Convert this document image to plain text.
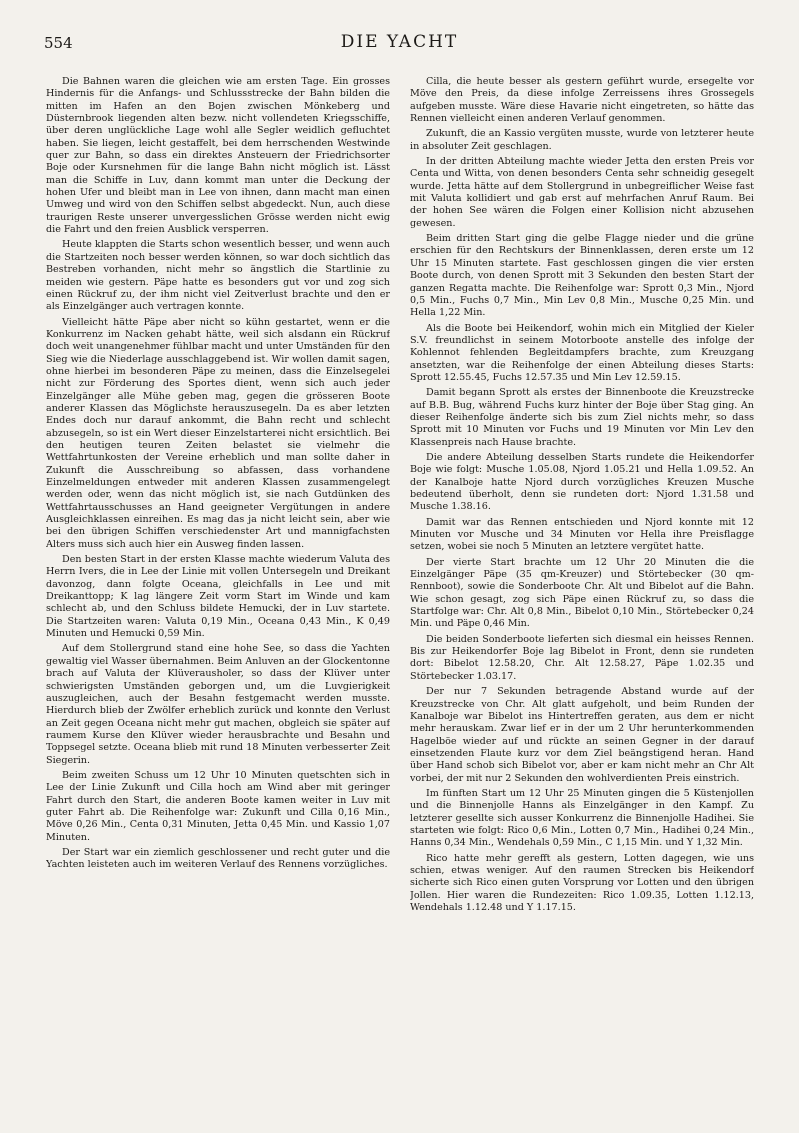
554	DIE YACHT

Die Bahnen waren die gleichen wie am ersten Tage. Ein grosses Hindernis für die Anfangs- und Schlussstrecke der Bahn bilden die mitten im Hafen an den Bojen zwischen Mönkeberg und Düsternbrook liegenden alten bezw. nicht vollendeten Kriegsschiffe, über deren unglückliche Lage wohl alle Segler weidlich gefluchtet haben. Sie liegen, leicht gestaffelt, bei dem herrschenden Westwinde quer zur Bahn, so dass ein direktes Ansteuern der Friedrichsorter Boje oder Kursnehmen für die lange Bahn nicht möglich ist. Lässt man die Schiffe in Luv, dann kommt man unter die Deckung der hohen Ufer und bleibt man in Lee von ihnen, dann macht man einen Umweg und wird von den Schiffen selbst abgedeckt. Nun, auch diese traurigen Reste unserer unvergesslichen Grösse werden nicht ewig die Fahrt und den freien Ausblick versperren.

Heute klappten die Starts schon wesentlich besser, und wenn auch die Startzeiten noch besser werden können, so war doch sichtlich das Bestreben vorhanden, nicht mehr so ängstlich die Startlinie zu meiden wie gestern. Päpe hatte es besonders gut vor und zog sich einen Rückruf zu, der ihm nicht viel Zeitverlust brachte und den er als Einzelgänger auch vertragen konnte.

Vielleicht hätte Päpe aber nicht so kühn gestartet, wenn er die Konkurrenz im Nacken gehabt hätte, weil sich alsdann ein Rückruf doch weit unangenehmer fühlbar macht und unter Umständen für den Sieg wie die Niederlage ausschlaggebend ist. Wir wollen damit sagen, ohne hierbei im besonderen Päpe zu meinen, dass die Einzelsegelei nicht zur Förderung des Sportes dient, wenn sich auch jeder Einzelgänger alle Mühe geben mag, gegen die grösseren Boote anderer Klassen das Möglichste herauszusegeln. Da es aber letzten Endes doch nur darauf ankommt, die Bahn recht und schlecht abzusegeln, so ist ein Wert dieser Einzelstarterei nicht ersichtlich. Bei den heutigen teuren Zeiten belastet sie vielmehr die Wettfahrtunkosten der Vereine erheblich und man sollte daher in Zukunft die Ausschreibung so abfassen, dass vorhandene Einzelmeldungen entweder mit anderen Klassen zusammengelegt werden oder, wenn das nicht möglich ist, sie nach Gutdünken des Wettfahrtausschusses an Hand geeigneter Vergütungen in andere Ausgleichklassen einreihen. Es mag das ja nicht leicht sein, aber wie bei den übrigen Schiffen verschiedenster Art und mannigfachsten Alters muss sich auch hier ein Ausweg finden lassen.

Den besten Start in der ersten Klasse machte wiederum Valuta des Herrn Ivers, die in Lee der Linie mit vollen Untersegeln und Dreikant davonzog, dann folgte Oceana, gleichfalls in Lee und mit Dreikanttopp; K lag längere Zeit vorm Start im Winde und kam schlecht ab, und den Schluss bildete Hemucki, der in Luv startete. Die Startzeiten waren: Valuta 0,19 Min., Oceana 0,43 Min., K 0,49 Minuten und Hemucki 0,59 Min.

Auf dem Stollergrund stand eine hohe See, so dass die Yachten gewaltig viel Wasser übernahmen. Beim Anluven an der Glockentonne brach auf Valuta der Klüverausholer, so dass der Klüver unter schwierigsten Umständen geborgen und, um die Luvgierigkeit auszugleichen, auch der Besahn festgemacht werden musste. Hierdurch blieb der Zwölfer erheblich zurück und konnte den Verlust an Zeit gegen Oceana nicht mehr gut machen, obgleich sie später auf raumem Kurse den Klüver wieder herausbrachte und Besahn und Toppsegel setzte. Oceana blieb mit rund 18 Minuten verbesserter Zeit Siegerin.

Beim zweiten Schuss um 12 Uhr 10 Minuten quetschten sich in Lee der Linie Zukunft und Cilla hoch am Wind aber mit geringer Fahrt durch den Start, die anderen Boote kamen weiter in Luv mit guter Fahrt ab. Die Reihenfolge war: Zukunft und Cilla 0,16 Min., Möve 0,26 Min., Centa 0,31 Minuten, Jetta 0,45 Min. und Kassio 1,07 Minuten.

Der Start war ein ziemlich geschlossener und recht guter und die Yachten leisteten auch im weiteren Verlauf des Rennens vorzügliches.

Cilla, die heute besser als gestern geführt wurde, ersegelte vor Möve den Preis, da diese infolge Zerreissens ihres Grossegels aufgeben musste. Wäre diese Havarie nicht eingetreten, so hätte das Rennen vielleicht einen anderen Verlauf genommen.

Zukunft, die an Kassio vergüten musste, wurde von letzterer heute in absoluter Zeit geschlagen.

In der dritten Abteilung machte wieder Jetta den ersten Preis vor Centa und Witta, von denen besonders Centa sehr schneidig gesegelt wurde. Jetta hätte auf dem Stollergrund in unbegreiflicher Weise fast mit Valuta kollidiert und gab erst auf mehrfachen Anruf Raum. Bei der hohen See wären die Folgen einer Kollision nicht abzusehen gewesen.

Beim dritten Start ging die gelbe Flagge nieder und die grüne erschien für den Rechtskurs der Binnenklassen, deren erste um 12 Uhr 15 Minuten startete. Fast geschlossen gingen die vier ersten Boote durch, von denen Sprott mit 3 Sekunden den besten Start der ganzen Regatta machte. Die Reihenfolge war: Sprott 0,3 Min., Njord 0,5 Min., Fuchs 0,7 Min., Min Lev 0,8 Min., Musche 0,25 Min. und Hella 1,22 Min.

Als die Boote bei Heikendorf, wohin mich ein Mitglied der Kieler S.V. freundlichst in seinem Motorboote anstelle des infolge der Kohlennot fehlenden Begleitdampfers brachte, zum Kreuzgang ansetzten, war die Reihenfolge der einen Abteilung dieses Starts: Sprott 12.55.45, Fuchs 12.57.35 und Min Lev 12.59.15.

Damit begann Sprott als erstes der Binnenboote die Kreuzstrecke auf B.B. Bug, während Fuchs kurz hinter der Boje über Stag ging. An dieser Reihenfolge änderte sich bis zum Ziel nichts mehr, so dass Sprott mit 10 Minuten vor Fuchs und 19 Minuten vor Min Lev den Klassenpreis nach Hause brachte.

Die andere Abteilung desselben Starts rundete die Heikendorfer Boje wie folgt: Musche 1.05.08, Njord 1.05.21 und Hella 1.09.52. An der Kanalboje hatte Njord durch vorzügliches Kreuzen Musche bedeutend überholt, denn sie rundeten dort: Njord 1.31.58 und Musche 1.38.16.

Damit war das Rennen entschieden und Njord konnte mit 12 Minuten vor Musche und 34 Minuten vor Hella ihre Preisflagge setzen, wobei sie noch 5 Minuten an letztere vergütet hatte.

Der vierte Start brachte um 12 Uhr 20 Minuten die die Einzelgänger Päpe (35 qm-Kreuzer) und Störtebecker (30 qm-Rennboot), sowie die Sonderboote Chr. Alt und Bibelot auf die Bahn. Wie schon gesagt, zog sich Päpe einen Rückruf zu, so dass die Startfolge war: Chr. Alt 0,8 Min., Bibelot 0,10 Min., Störtebecker 0,24 Min. und Päpe 0,46 Min.

Die beiden Sonderboote lieferten sich diesmal ein heisses Rennen. Bis zur Heikendorfer Boje lag Bibelot in Front, denn sie rundeten dort: Bibelot 12.58.20, Chr. Alt 12.58.27, Päpe 1.02.35 und Störtebecker 1.03.17.

Der nur 7 Sekunden betragende Abstand wurde auf der Kreuzstrecke von Chr. Alt glatt aufgeholt, und beim Runden der Kanalboje war Bibelot ins Hintertreffen geraten, aus dem er nicht mehr herauskam. Zwar lief er in der um 2 Uhr herunterkommenden Hagelböe wieder auf und rückte an seinen Gegner in der darauf einsetzenden Flaute kurz vor dem Ziel beängstigend heran. Hand über Hand schob sich Bibelot vor, aber er kam nicht mehr an Chr Alt vorbei, der mit nur 2 Sekunden den wohlverdienten Preis einstrich.

Im fünften Start um 12 Uhr 25 Minuten gingen die 5 Küstenjollen und die Binnenjolle Hanns als Einzelgänger in den Kampf. Zu letzterer gesellte sich ausser Konkurrenz die Binnenjolle Hadihei. Sie starteten wie folgt: Rico 0,6 Min., Lotten 0,7 Min., Hadihei 0,24 Min., Hanns 0,34 Min., Wendehals 0,59 Min., C 1,15 Min. und Y 1,32 Min.

Rico hatte mehr gerefft als gestern, Lotten dagegen, wie uns schien, etwas weniger. Auf den raumen Strecken bis Heikendorf sicherte sich Rico einen guten Vorsprung vor Lotten und den übrigen Jollen. Hier waren die Rundezeiten: Rico 1.09.35, Lotten 1.12.13, Wendehals 1.12.48 und Y 1.17.15.
